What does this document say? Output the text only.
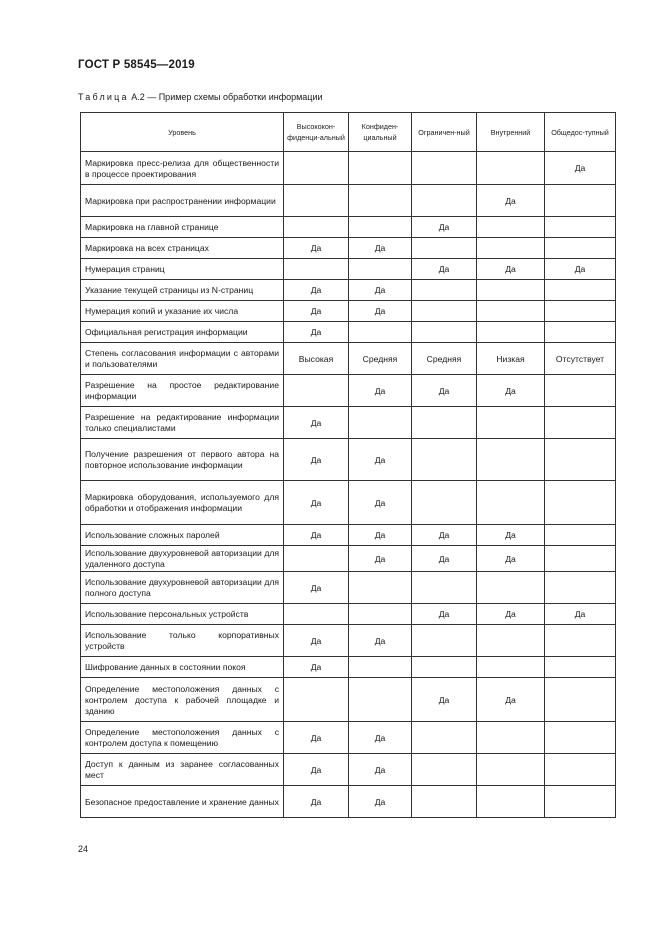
ГОСТ Р 58545—2019
Таблица А.2 — Пример схемы обработки информации
Уровень	Высококон-фиденци-альный	Конфиден-циальный	Ограничен-ный	Внутренний	Общедос-тупный
Маркировка пресс-релиза для общественности в процессе проектирования					Да
Маркировка при распространении информации				Да	
Маркировка на главной странице			Да		
Маркировка на всех страницах	Да	Да			
Нумерация страниц			Да	Да	Да
Указание текущей страницы из N-страниц	Да	Да			
Нумерация копий и указание их числа	Да	Да			
Официальная регистрация информации	Да				
Степень согласования информации с авторами и пользователями	Высокая	Средняя	Средняя	Низкая	Отсутствует
Разрешение на простое редактирование информации		Да	Да	Да	
Разрешение на редактирование информации только специалистами	Да				
Получение разрешения от первого автора на повторное использование информации	Да	Да			
Маркировка оборудования, используемого для обработки и отображения информации	Да	Да			
Использование сложных паролей	Да	Да	Да	Да	
Использование двухуровневой авторизации для удаленного доступа		Да	Да	Да	
Использование двухуровневой авторизации для полного доступа	Да				
Использование персональных устройств			Да	Да	Да
Использование только корпоративных устройств	Да	Да			
Шифрование данных в состоянии покоя	Да				
Определение местоположения данных с контролем доступа к рабочей площадке и зданию			Да	Да	
Определение местоположения данных с контролем доступа к помещению	Да	Да			
Доступ к данным из заранее согласованных мест	Да	Да			
Безопасное предоставление и хранение данных	Да	Да			
24
